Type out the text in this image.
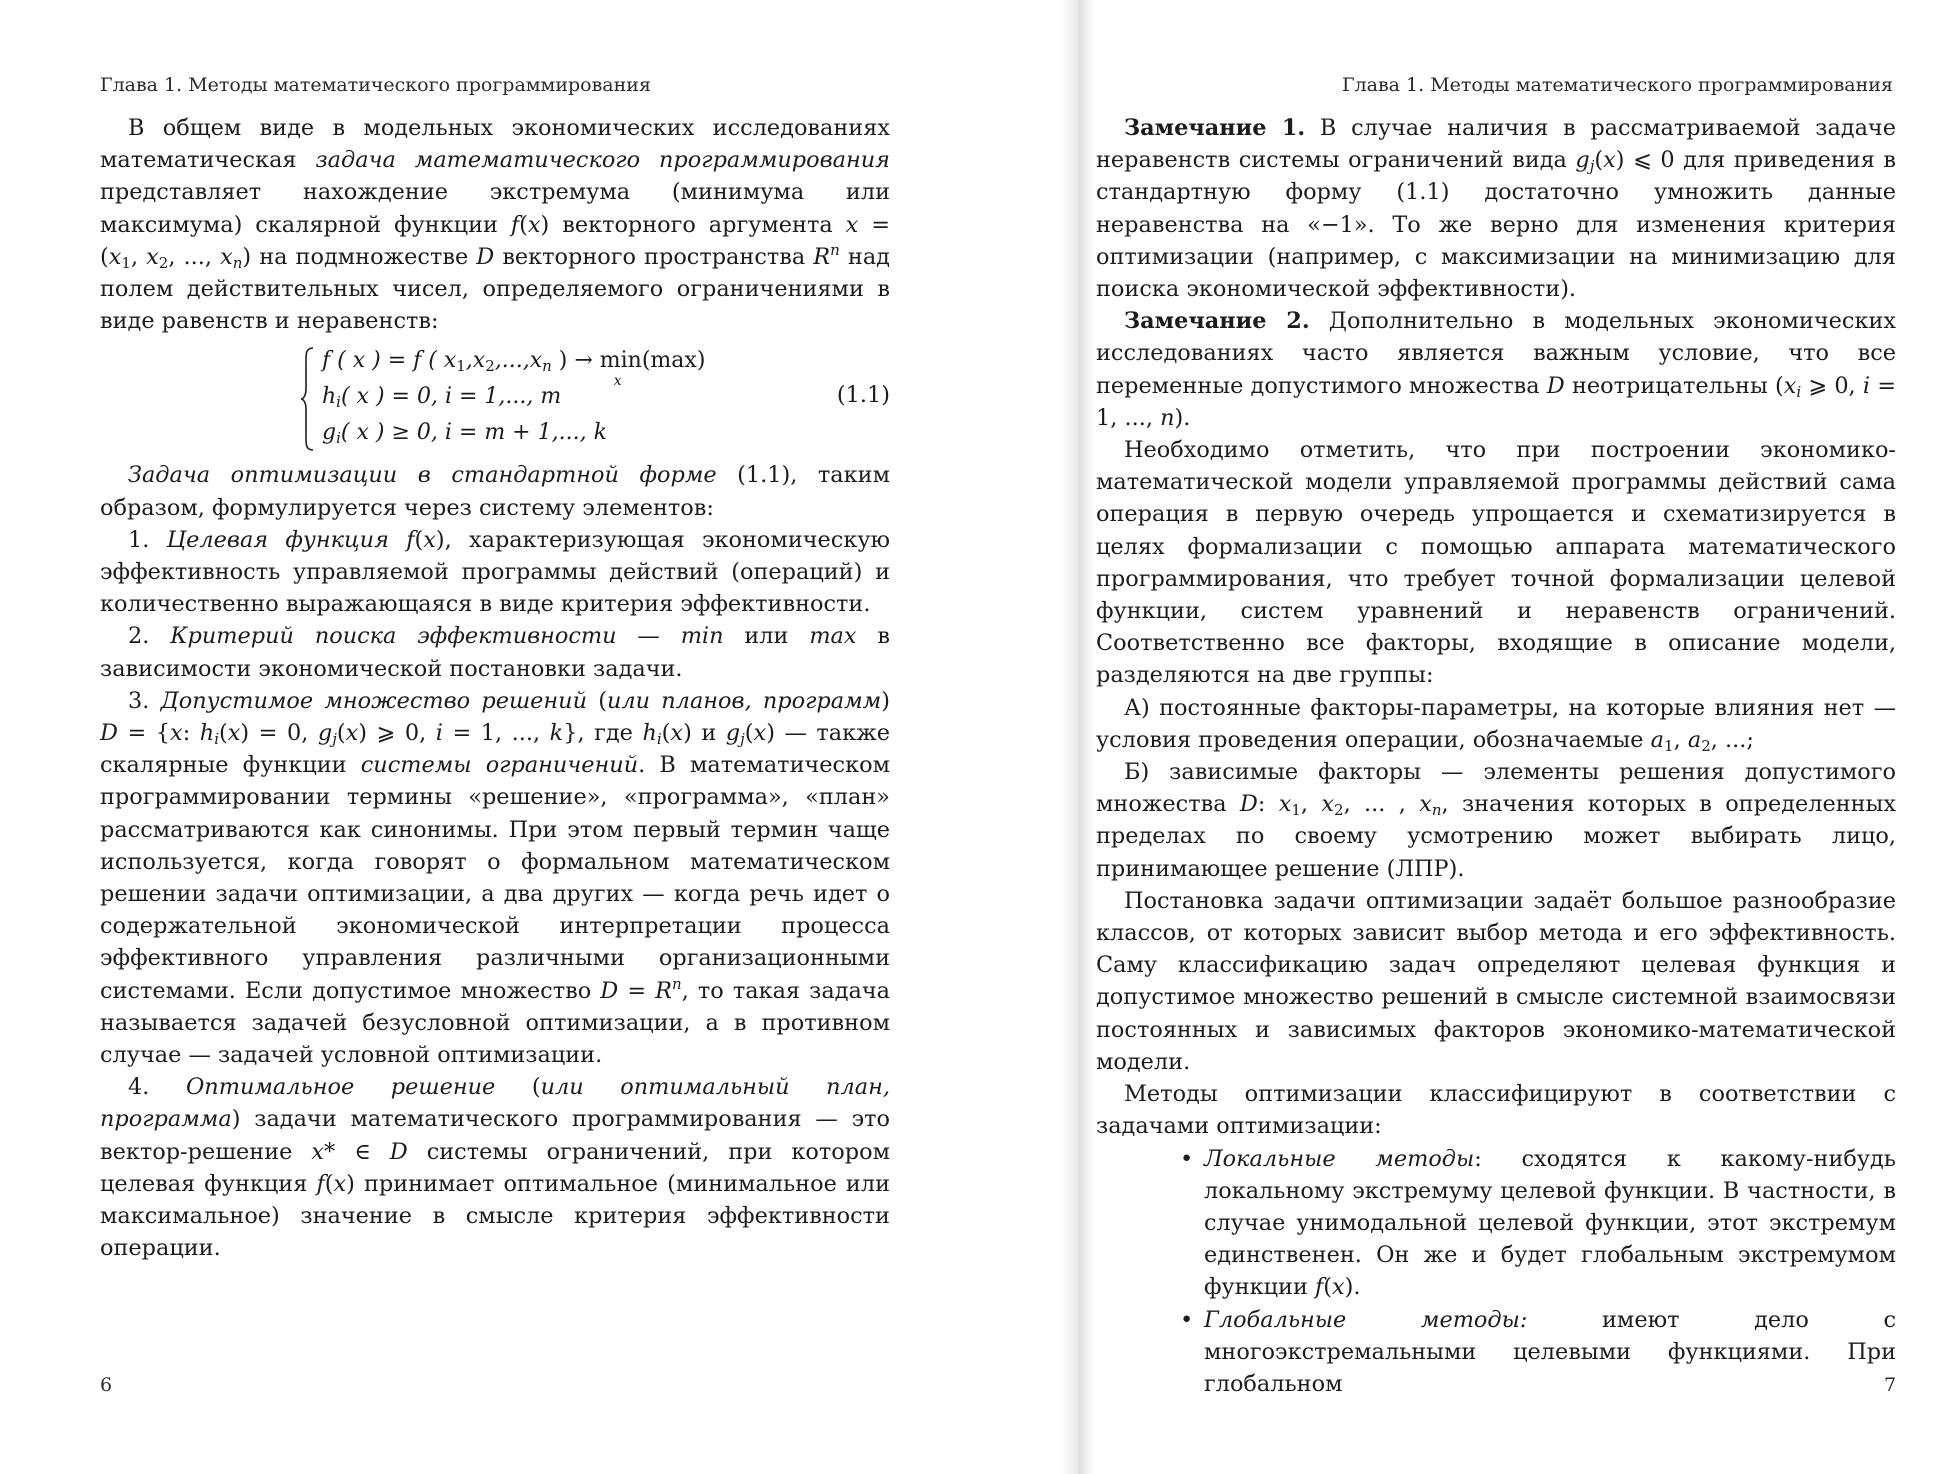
Глава 1. Методы математического программирования

В общем виде в модельных экономических исследованиях математическая задача математического программирования представляет нахождение экстремума (минимума или максимума) скалярной функции f(x) векторного аргумента $x = (x_1$, $x_2$, ..., $x_n$) на подмножестве D векторного пространства $R^n$ над полем действительных чисел, определяемого ограничениями в виде равенств и неравенств:

f ( x ) = f ( $x_1,x_2,...,x_n$ ) → min(max)
x
$h_i$( x ) = 0, i = 1,..., m
$g_i$( x ) ≥ 0, i = m + 1,..., k
(1.1)

Задача оптимизации в стандартной форме (1.1), таким образом, формулируется через систему элементов:

1. Целевая функция f(x), характеризующая экономическую эффективность управляемой программы действий (операций) и количественно выражающаяся в виде критерия эффективности.

2. Критерий поиска эффективности — min или max в зависимости экономической постановки задачи.

3. Допустимое множество решений (или планов, программ) D = {x: $h_i(x) = 0$, $g_j(x)$ ⩾ 0, i = 1, ..., k}, где $h_i(x)$ и $g_j(x)$ — также скалярные функции системы ограничений. В математическом программировании термины «решение», «программа», «план» рассматриваются как синонимы. При этом первый термин чаще используется, когда говорят о формальном математическом решении задачи оптимизации, а два других — когда речь идет о содержательной экономической интерпретации процесса эффективного управления различными организационными системами. Если допустимое множество $D = R^n$, то такая задача называется задачей безусловной оптимизации, а в противном случае — задачей условной оптимизации.

4. Оптимальное решение (или оптимальный план, программа) задачи математического программирования — это вектор-решение x* ∈ D системы ограничений, при котором целевая функция f(x) принимает оптимальное (минимальное или максимальное) значение в смысле критерия эффективности операции.

6
Глава 1. Методы математического программирования

Замечание 1. В случае наличия в рассматриваемой задаче неравенств системы ограничений вида $g_j(x)$ ⩽ 0 для приведения в стандартную форму (1.1) достаточно умножить данные неравенства на «−1». То же верно для изменения критерия оптимизации (например, с максимизации на минимизацию для поиска экономической эффективности).

Замечание 2. Дополнительно в модельных экономических исследованиях часто является важным условие, что все переменные допустимого множества D неотрицательны ($x_i$ ⩾ 0, i = 1, ..., n).

Необходимо отметить, что при построении экономико-математической модели управляемой программы действий сама операция в первую очередь упрощается и схематизируется в целях формализации с помощью аппарата математического программирования, что требует точной формализации целевой функции, систем уравнений и неравенств ограничений. Соответственно все факторы, входящие в описание модели, разделяются на две группы:

А) постоянные факторы-параметры, на которые влияния нет — условия проведения операции, обозначаемые $a_1$, $a_2$, ...;

Б) зависимые факторы — элементы решения допустимого множества D: $x_1$, $x_2$, ... , $x_n$, значения которых в определенных пределах по своему усмотрению может выбирать лицо, принимающее решение (ЛПР).

Постановка задачи оптимизации задаёт большое разнообразие классов, от которых зависит выбор метода и его эффективность. Саму классификацию задач определяют целевая функция и допустимое множество решений в смысле системной взаимосвязи постоянных и зависимых факторов экономико-математической модели.

Методы оптимизации классифицируют в соответствии с задачами оптимизации:

• Локальные методы: сходятся к какому-нибудь локальному экстремуму целевой функции. В частности, в случае унимодальной целевой функции, этот экстремум единственен. Он же и будет глобальным экстремумом функции f(x).
• Глобальные методы: имеют дело с многоэкстремальными целевыми функциями. При глобальном	7
